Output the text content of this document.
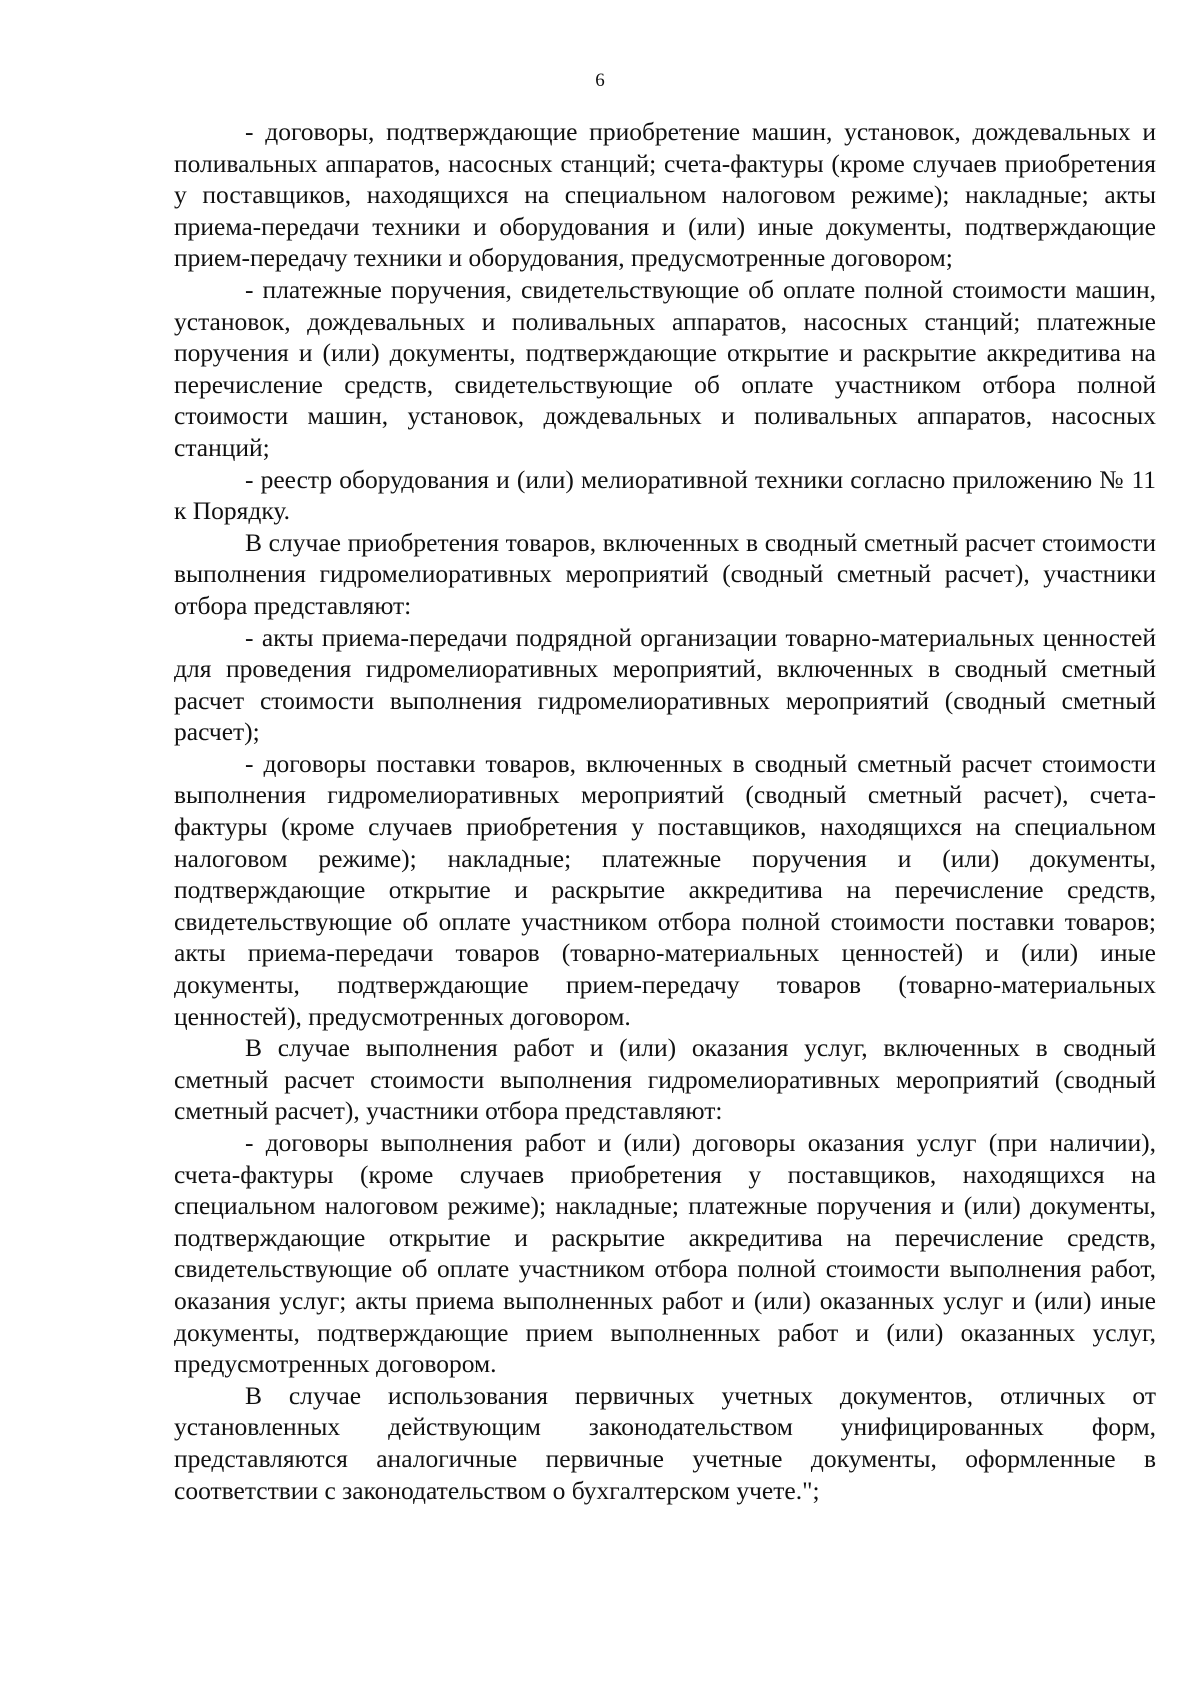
6

- договоры, подтверждающие приобретение машин, установок, дождевальных и поливальных аппаратов, насосных станций; счета-фактуры (кроме случаев приобретения у поставщиков, находящихся на специальном налоговом режиме); накладные; акты приема-передачи техники и оборудования и (или) иные документы, подтверждающие прием-передачу техники и оборудования, предусмотренные договором;

- платежные поручения, свидетельствующие об оплате полной стоимости машин, установок, дождевальных и поливальных аппаратов, насосных станций; платежные поручения и (или) документы, подтверждающие открытие и раскрытие аккредитива на перечисление средств, свидетельствующие об оплате участником отбора полной стоимости машин, установок, дождевальных и поливальных аппаратов, насосных станций;

- реестр оборудования и (или) мелиоративной техники согласно приложению № 11 к Порядку.

В случае приобретения товаров, включенных в сводный сметный расчет стоимости выполнения гидромелиоративных мероприятий (сводный сметный расчет), участники отбора представляют:

- акты приема-передачи подрядной организации товарно-материальных ценностей для проведения гидромелиоративных мероприятий, включенных в сводный сметный расчет стоимости выполнения гидромелиоративных мероприятий (сводный сметный расчет);

- договоры поставки товаров, включенных в сводный сметный расчет стоимости выполнения гидромелиоративных мероприятий (сводный сметный расчет), счета-фактуры (кроме случаев приобретения у поставщиков, находящихся на специальном налоговом режиме); накладные; платежные поручения и (или) документы, подтверждающие открытие и раскрытие аккредитива на перечисление средств, свидетельствующие об оплате участником отбора полной стоимости поставки товаров; акты приема-передачи товаров (товарно-материальных ценностей) и (или) иные документы, подтверждающие прием-передачу товаров (товарно-материальных ценностей), предусмотренных договором.

В случае выполнения работ и (или) оказания услуг, включенных в сводный сметный расчет стоимости выполнения гидромелиоративных мероприятий (сводный сметный расчет), участники отбора представляют:

- договоры выполнения работ и (или) договоры оказания услуг (при наличии), счета-фактуры (кроме случаев приобретения у поставщиков, находящихся на специальном налоговом режиме); накладные; платежные поручения и (или) документы, подтверждающие открытие и раскрытие аккредитива на перечисление средств, свидетельствующие об оплате участником отбора полной стоимости выполнения работ, оказания услуг; акты приема выполненных работ и (или) оказанных услуг и (или) иные документы, подтверждающие прием выполненных работ и (или) оказанных услуг, предусмотренных договором.

В случае использования первичных учетных документов, отличных от установленных действующим законодательством унифицированных форм, представляются аналогичные первичные учетные документы, оформленные в соответствии с законодательством о бухгалтерском учете.";
